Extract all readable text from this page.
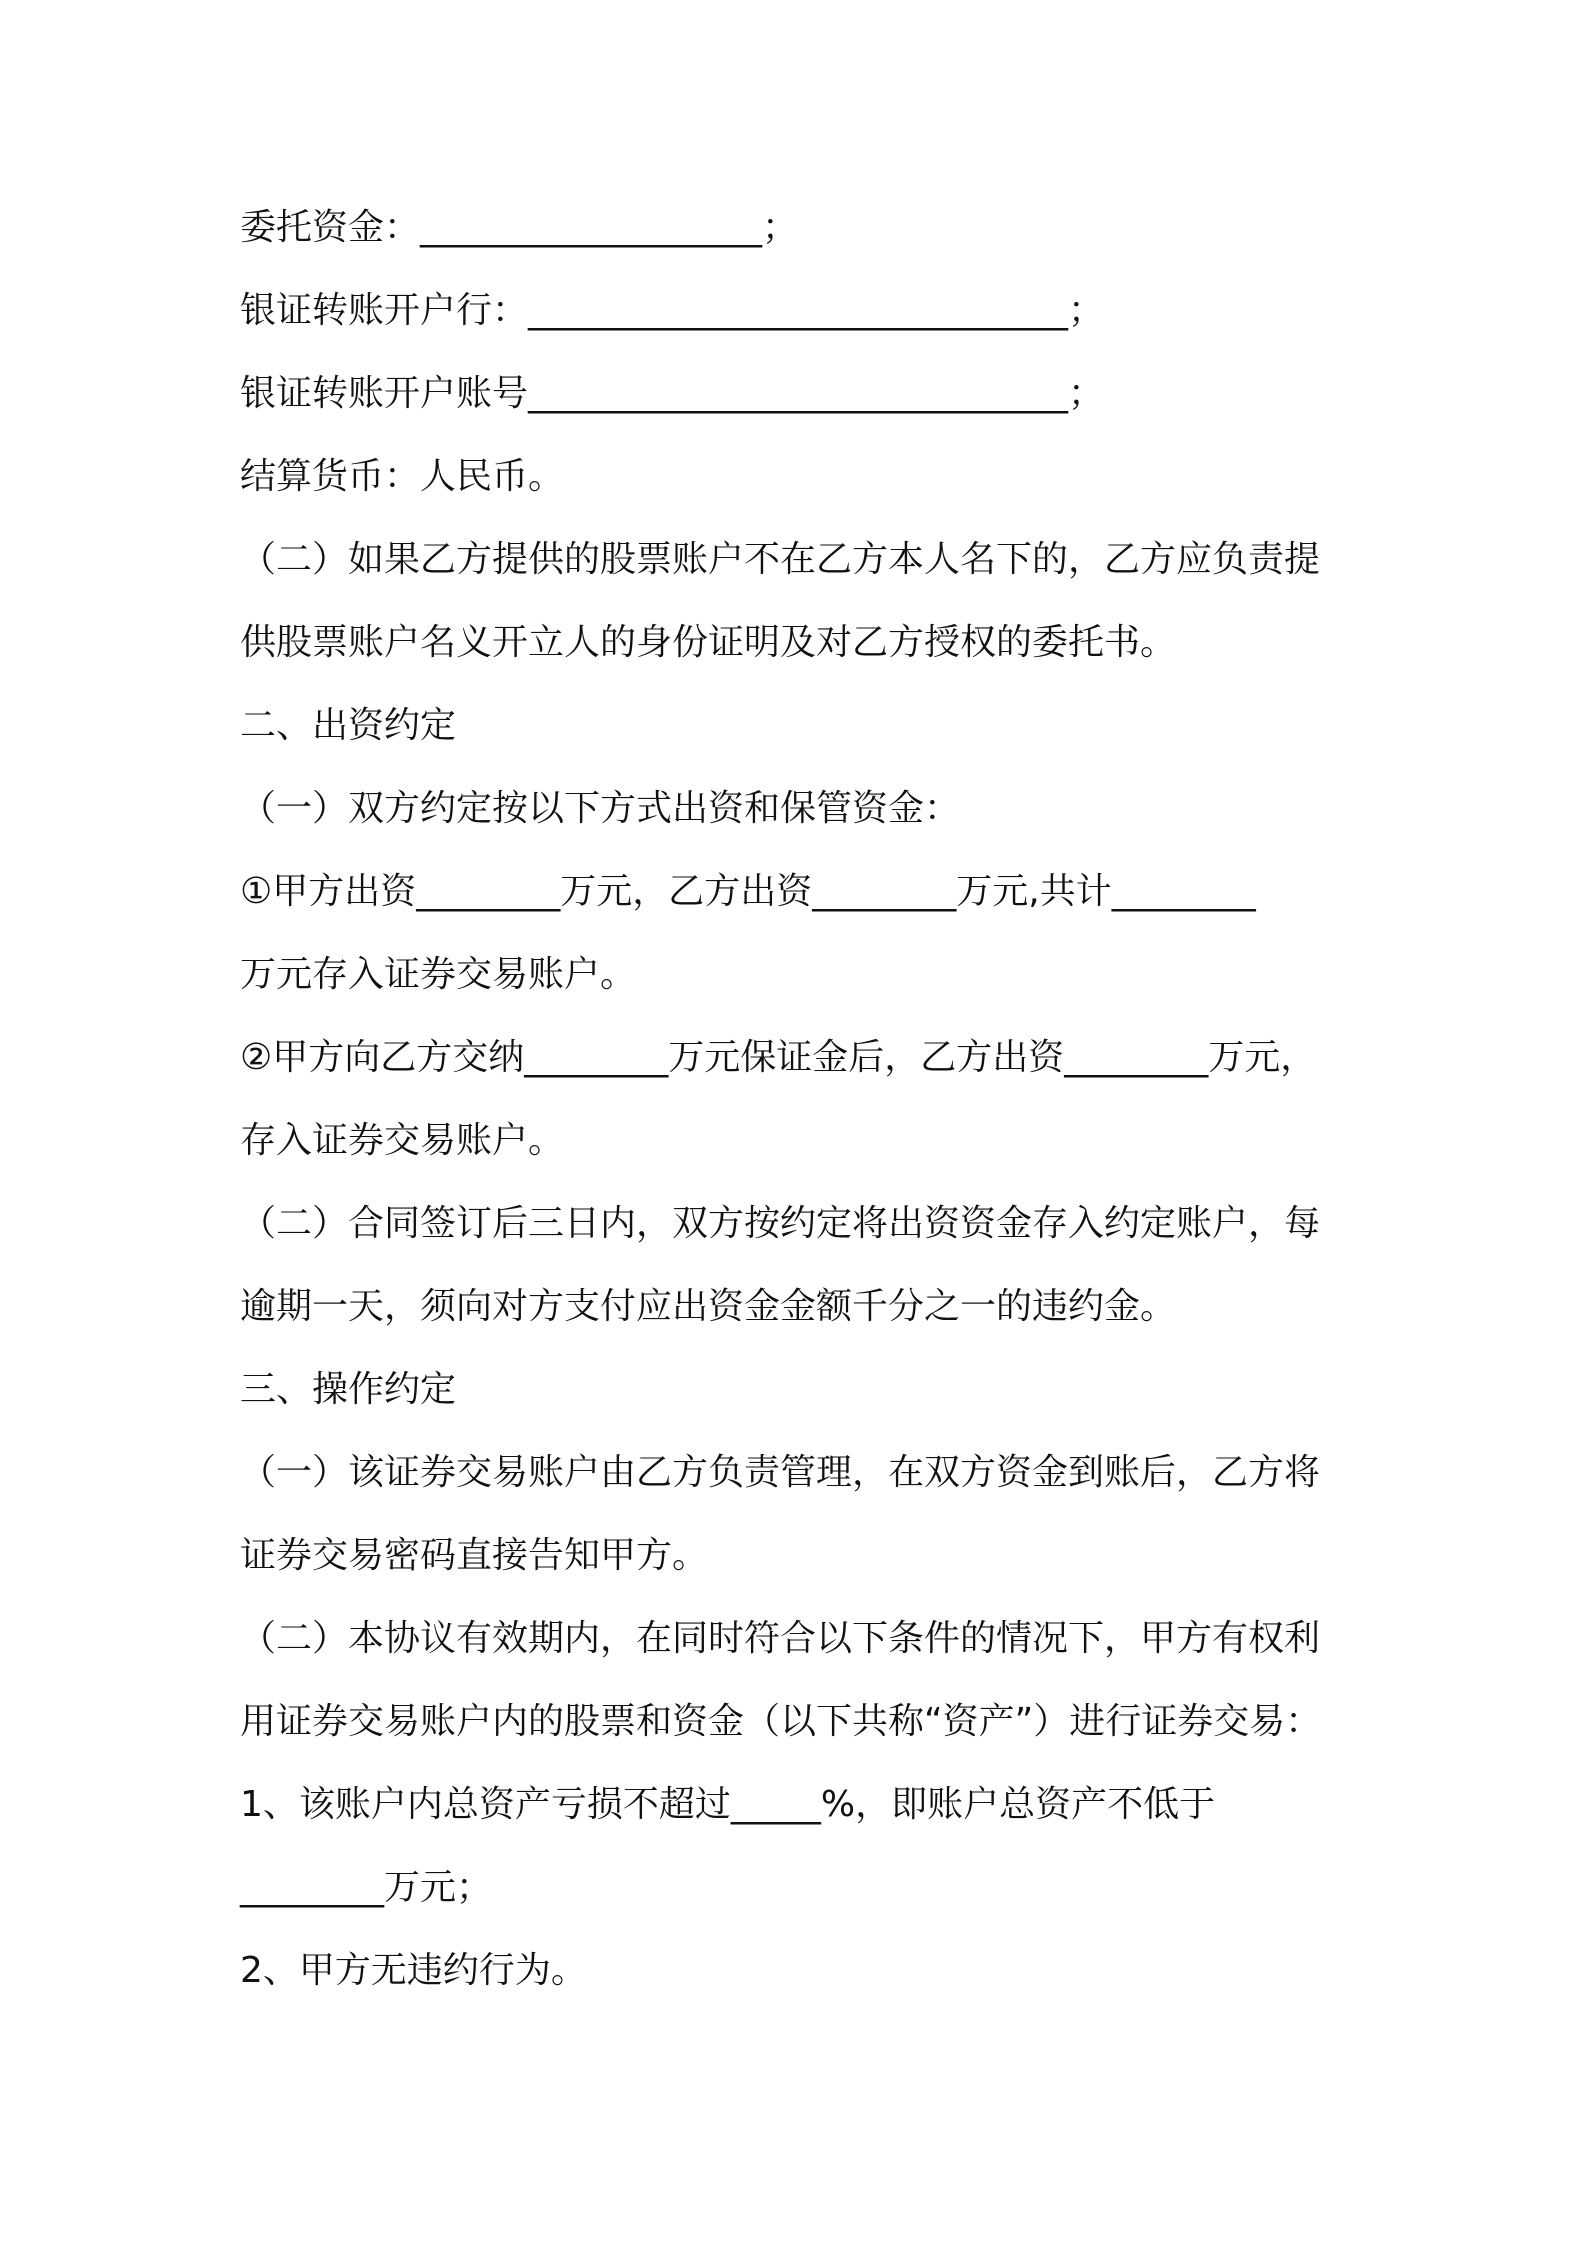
委托资金：___________________；
银证转账开户行：______________________________；
银证转账开户账号______________________________；
结算货币：人民币。
（二）如果乙方提供的股票账户不在乙方本人名下的，乙方应负责提
供股票账户名义开立人的身份证明及对乙方授权的委托书。
二、出资约定
（一）双方约定按以下方式出资和保管资金：
①甲方出资________万元，乙方出资________万元,共计________
万元存入证券交易账户。
②甲方向乙方交纳________万元保证金后，乙方出资________万元，
存入证券交易账户。
（二）合同签订后三日内，双方按约定将出资资金存入约定账户，每
逾期一天，须向对方支付应出资金金额千分之一的违约金。
三、操作约定
（一）该证券交易账户由乙方负责管理，在双方资金到账后，乙方将
证券交易密码直接告知甲方。
（二）本协议有效期内，在同时符合以下条件的情况下，甲方有权利
用证券交易账户内的股票和资金（以下共称“资产”）进行证券交易：
1、该账户内总资产亏损不超过_____%，即账户总资产不低于
________万元；
2、甲方无违约行为。
